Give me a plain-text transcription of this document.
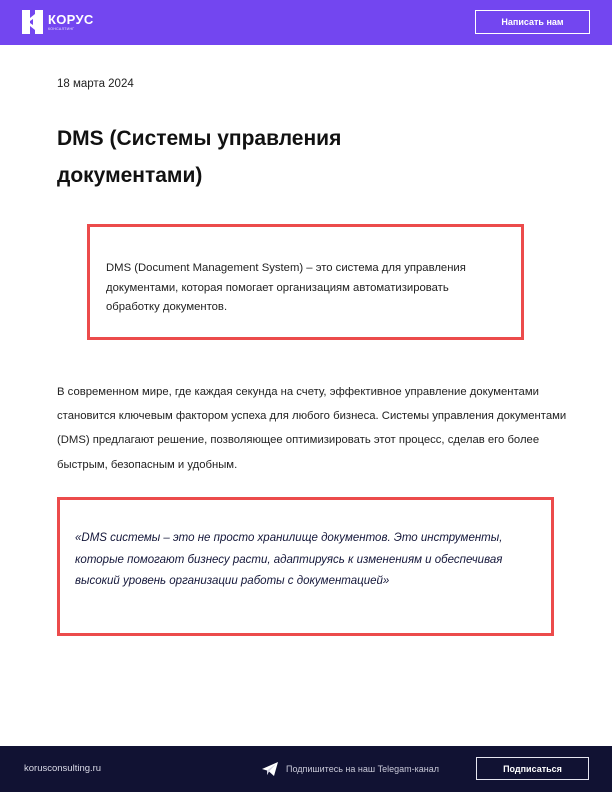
КОРУС
КОНСАЛТИНГ
Написать нам
18 марта 2024
DMS (Системы управления документами)

DMS (Document Management System) – это система для управления документами, которая помогает организациям автоматизировать обработку документов.

В современном мире, где каждая секунда на счету, эффективное управление документами становится ключевым фактором успеха для любого бизнеса. Системы управления документами (DMS) предлагают решение, позволяющее оптимизировать этот процесс, сделав его более быстрым, безопасным и удобным.

«DMS системы – это не просто хранилище документов. Это инструменты, которые помогают бизнесу расти, адаптируясь к изменениям и обеспечивая высокий уровень организации работы с документацией»

korusconsulting.ru	Подпишитесь на наш Telegam-канал	Подписаться
